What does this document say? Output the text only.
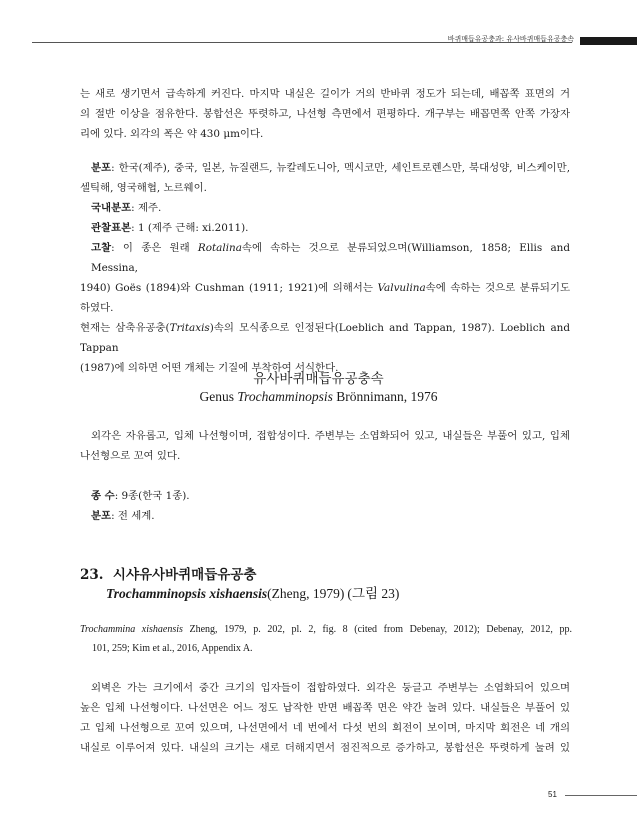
바퀴매듭유공충과: 유사바퀴매듭유공충속
는 새로 생기면서 급속하게 커진다. 마지막 내실은 길이가 거의 반바퀴 정도가 되는데, 배꼽쪽 표면의 거
의 절반 이상을 점유한다. 봉합선은 뚜렷하고, 나선형 측면에서 편평하다. 개구부는 배꼽면쪽 안쪽 가장자
리에 있다. 외각의 폭은 약 430 μm이다.
분포: 한국(제주), 중국, 일본, 뉴질랜드, 뉴칼레도니아, 멕시코만, 세인트로렌스만, 북대성양, 비스케이만,
셀틱해, 영국해협, 노르웨이.
국내분포: 제주.
관찰표본: 1 (제주 근해: xi.2011).
고찰: 이 종은 원래 Rotalina속에 속하는 것으로 분류되었으며(Williamson, 1858; Ellis and Messina,
1940) Goës (1894)와 Cushman (1911; 1921)에 의해서는 Valvulina속에 속하는 것으로 분류되기도 하였다.
현재는 삼축유공충(Tritaxis)속의 모식종으로 인정된다(Loeblich and Tappan, 1987). Loeblich and Tappan
(1987)에 의하면 어떤 개체는 기질에 부착하여 서식한다.

유사바퀴매듭유공충속

Genus Trochamminopsis Brönnimann, 1976

외각은 자유롭고, 입체 나선형이며, 접합성이다. 주변부는 소엽화되어 있고, 내실들은 부풀어 있고, 입체
나선형으로 꼬여 있다.
종 수: 9종(한국 1종).
분포: 전 세계.

23. 시샤유사바퀴매듭유공충

Trochamminopsis xishaensis(Zheng, 1979) (그림 23)

Trochammina xishaensis Zheng, 1979, p. 202, pl. 2, fig. 8 (cited from Debenay, 2012); Debenay, 2012, pp.
101, 259; Kim et al., 2016, Appendix A.
외벽은 가는 크기에서 중간 크기의 입자들이 접합하였다. 외각은 둥글고 주변부는 소엽화되어 있으며
높은 입체 나선형이다. 나선면은 어느 정도 납작한 반면 배꼽쪽 면은 약간 눌려 있다. 내실들은 부풀어 있
고 입체 나선형으로 꼬여 있으며, 나선면에서 네 번에서 다섯 번의 회전이 보이며, 마지막 회전은 네 개의
내실로 이루어져 있다. 내실의 크기는 새로 더해지면서 점진적으로 증가하고, 봉합선은 뚜렷하게 눌려 있
51
